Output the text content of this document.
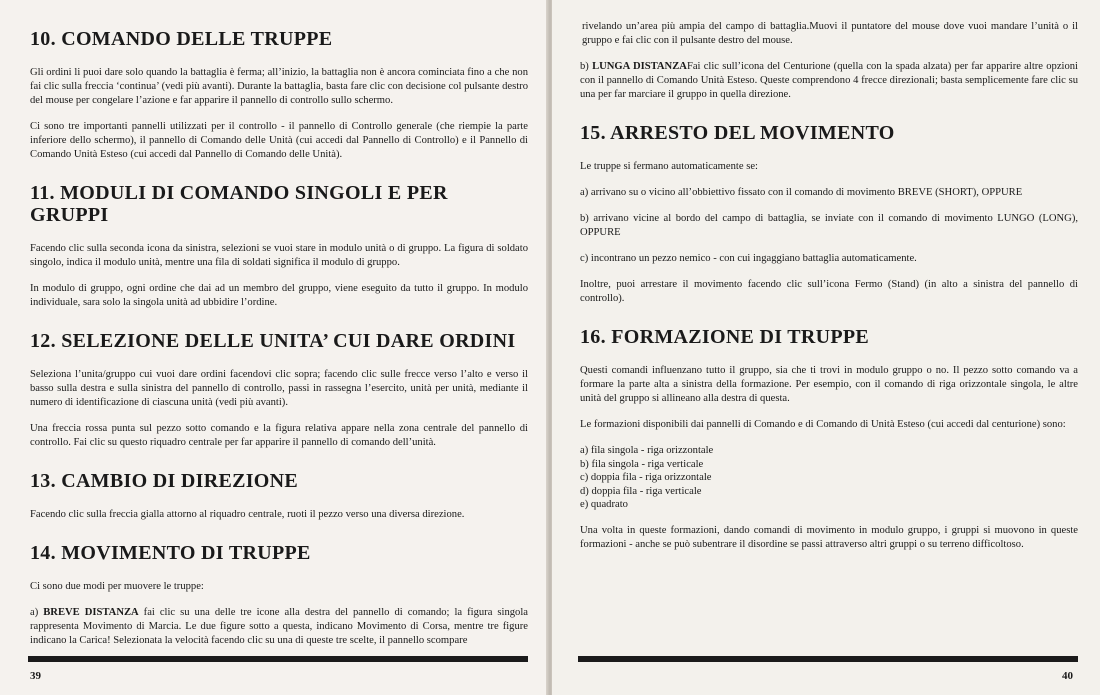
10. COMANDO DELLE TRUPPE

Gli ordini li puoi dare solo quando la battaglia è ferma; all’inizio, la battaglia non è ancora cominciata fino a che non fai clic sulla freccia ‘continua’ (vedi più avanti). Durante la battaglia, basta fare clic con decisione col pulsante destro del mouse per congelare l’azione e far apparire il pannello di controllo sullo schermo.

Ci sono tre importanti pannelli utilizzati per il controllo - il pannello di Controllo generale (che riempie la parte inferiore dello schermo), il pannello di Comando delle Unità (cui accedi dal Pannello di Controllo) e il Pannello di Comando Unità Esteso (cui accedi dal Pannello di Comando delle Unità).

11. MODULI DI COMANDO SINGOLI E PER GRUPPI

Facendo clic sulla seconda icona da sinistra, selezioni se vuoi stare in modulo unità o di gruppo. La figura di soldato singolo, indica il modulo unità, mentre una fila di soldati significa il modulo di gruppo.

In modulo di gruppo, ogni ordine che dai ad un membro del gruppo, viene eseguito da tutto il gruppo. In modulo individuale, sara solo la singola unità ad ubbidire l’ordine.

12. SELEZIONE DELLE UNITA’ CUI DARE ORDINI

Seleziona l’unita/gruppo cui vuoi dare ordini facendovi clic sopra; facendo clic sulle frecce verso l’alto e verso il basso sulla destra e sulla sinistra del pannello di controllo, passi in rassegna l’esercito, unità per unità, mediante il numero di identificazione di ciascuna unità (vedi più avanti).

Una freccia rossa punta sul pezzo sotto comando e la figura relativa appare nella zona centrale del pannello di controllo. Fai clic su questo riquadro centrale per far apparire il pannello di comando dell’unità.

13. CAMBIO DI DIREZIONE

Facendo clic sulla freccia gialla attorno al riquadro centrale, ruoti il pezzo verso una diversa direzione.

14. MOVIMENTO DI TRUPPE

Ci sono due modi per muovere le truppe:

a) BREVE DISTANZA fai clic su una delle tre icone alla destra del pannello di comando; la figura singola rappresenta Movimento di Marcia. Le due figure sotto a questa, indicano Movimento di Corsa, mentre tre figure indicano la Carica! Selezionata la velocità facendo clic su una di queste tre scelte, il pannello scompare

39

rivelando un’area più ampia del campo di battaglia.Muovi il puntatore del mouse dove vuoi mandare l’unità o il gruppo e fai clic con il pulsante destro del mouse.

b) LUNGA DISTANZAFai clic sull’icona del Centurione (quella con la spada alzata) per far apparire altre opzioni con il pannello di Comando Unità Esteso. Queste comprendono 4 frecce direzionali; basta semplicemente fare clic su una per far marciare il gruppo in quella direzione.

15. ARRESTO DEL MOVIMENTO

Le truppe si fermano automaticamente se:

a) arrivano su o vicino all’obbiettivo fissato con il comando di movimento BREVE (SHORT), OPPURE

b) arrivano vicine al bordo del campo di battaglia, se inviate con il comando di movimento LUNGO (LONG), OPPURE

c) incontrano un pezzo nemico - con cui ingaggiano battaglia automaticamente.

Inoltre, puoi arrestare il movimento facendo clic sull’icona Fermo (Stand) (in alto a sinistra del pannello di controllo).

16. FORMAZIONE DI TRUPPE

Questi comandi influenzano tutto il gruppo, sia che ti trovi in modulo gruppo o no. Il pezzo sotto comando va a formare la parte alta a sinistra della formazione. Per esempio, con il comando di riga orizzontale singola, le altre unità del gruppo si allineano alla destra di questa.

Le formazioni disponibili dai pannelli di Comando e di Comando di Unità Esteso (cui accedi dal centurione) sono:

a) fila singola - riga orizzontale
b) fila singola - riga verticale
c) doppia fila - riga orizzontale
d) doppia fila - riga verticale
e) quadrato

Una volta in queste formazioni, dando comandi di movimento in modulo gruppo, i gruppi si muovono in queste formazioni - anche se può subentrare il disordine se passi attraverso altri gruppi o su terreno difficoltoso.

40
